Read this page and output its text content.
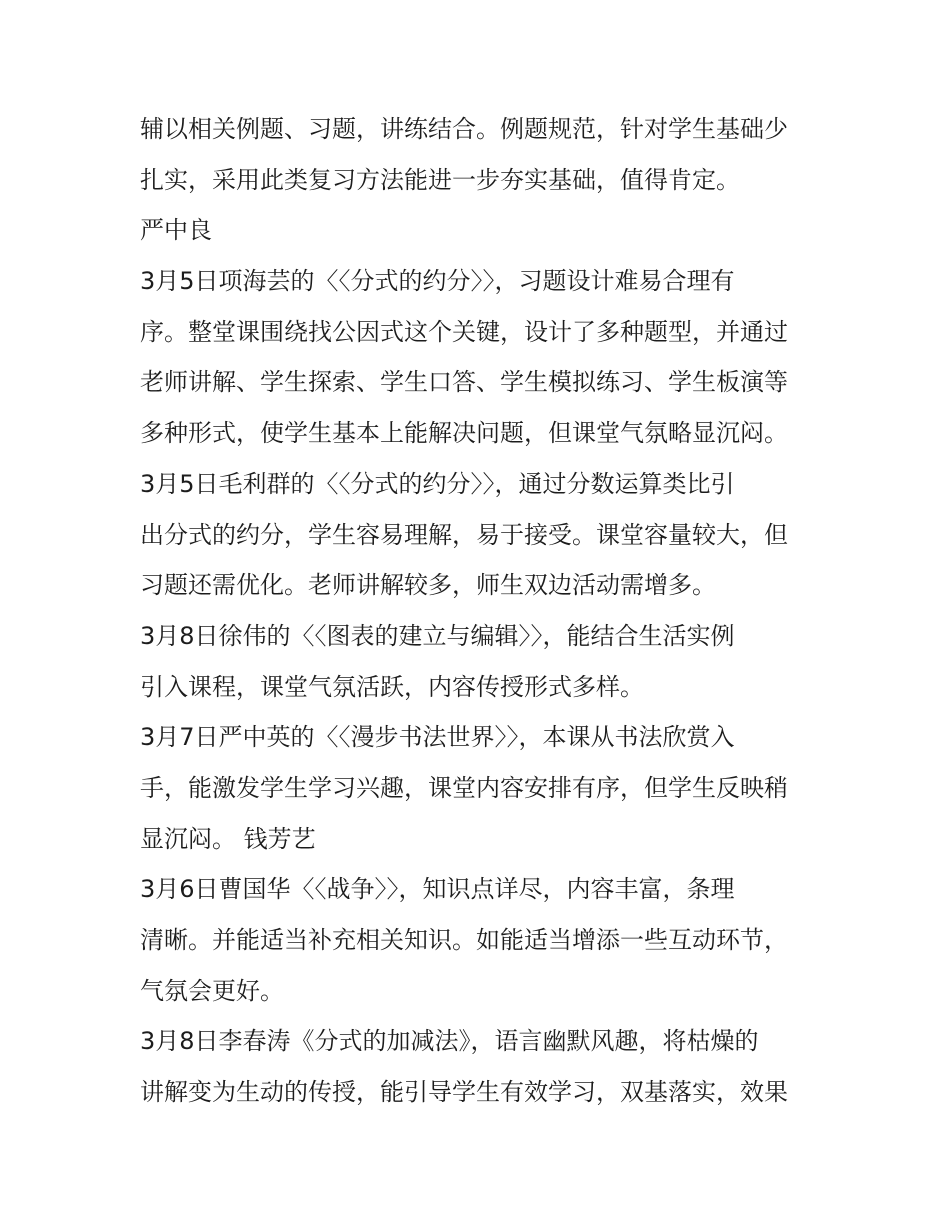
辅以相关例题、习题，讲练结合。例题规范，针对学生基础少
扎实，采用此类复习方法能进一步夯实基础，值得肯定。
严中良
3月5日项海芸的〈〈分式的约分〉〉，习题设计难易合理有
序。整堂课围绕找公因式这个关键，设计了多种题型，并通过
老师讲解、学生探索、学生口答、学生模拟练习、学生板演等
多种形式，使学生基本上能解决问题，但课堂气氛略显沉闷。
3月5日毛利群的〈〈分式的约分〉〉，通过分数运算类比引
出分式的约分，学生容易理解，易于接受。课堂容量较大，但
习题还需优化。老师讲解较多，师生双边活动需增多。
3月8日徐伟的〈〈图表的建立与编辑〉〉，能结合生活实例
引入课程，课堂气氛活跃，内容传授形式多样。
3月7日严中英的〈〈漫步书法世界〉〉，本课从书法欣赏入
手，能激发学生学习兴趣，课堂内容安排有序，但学生反映稍
显沉闷。 钱芳艺
3月6日曹国华〈〈战争〉〉，知识点详尽，内容丰富，条理
清晰。并能适当补充相关知识。如能适当增添一些互动环节，
气氛会更好。
3月8日李春涛《分式的加减法》，语言幽默风趣，将枯燥的
讲解变为生动的传授，能引导学生有效学习，双基落实，效果
